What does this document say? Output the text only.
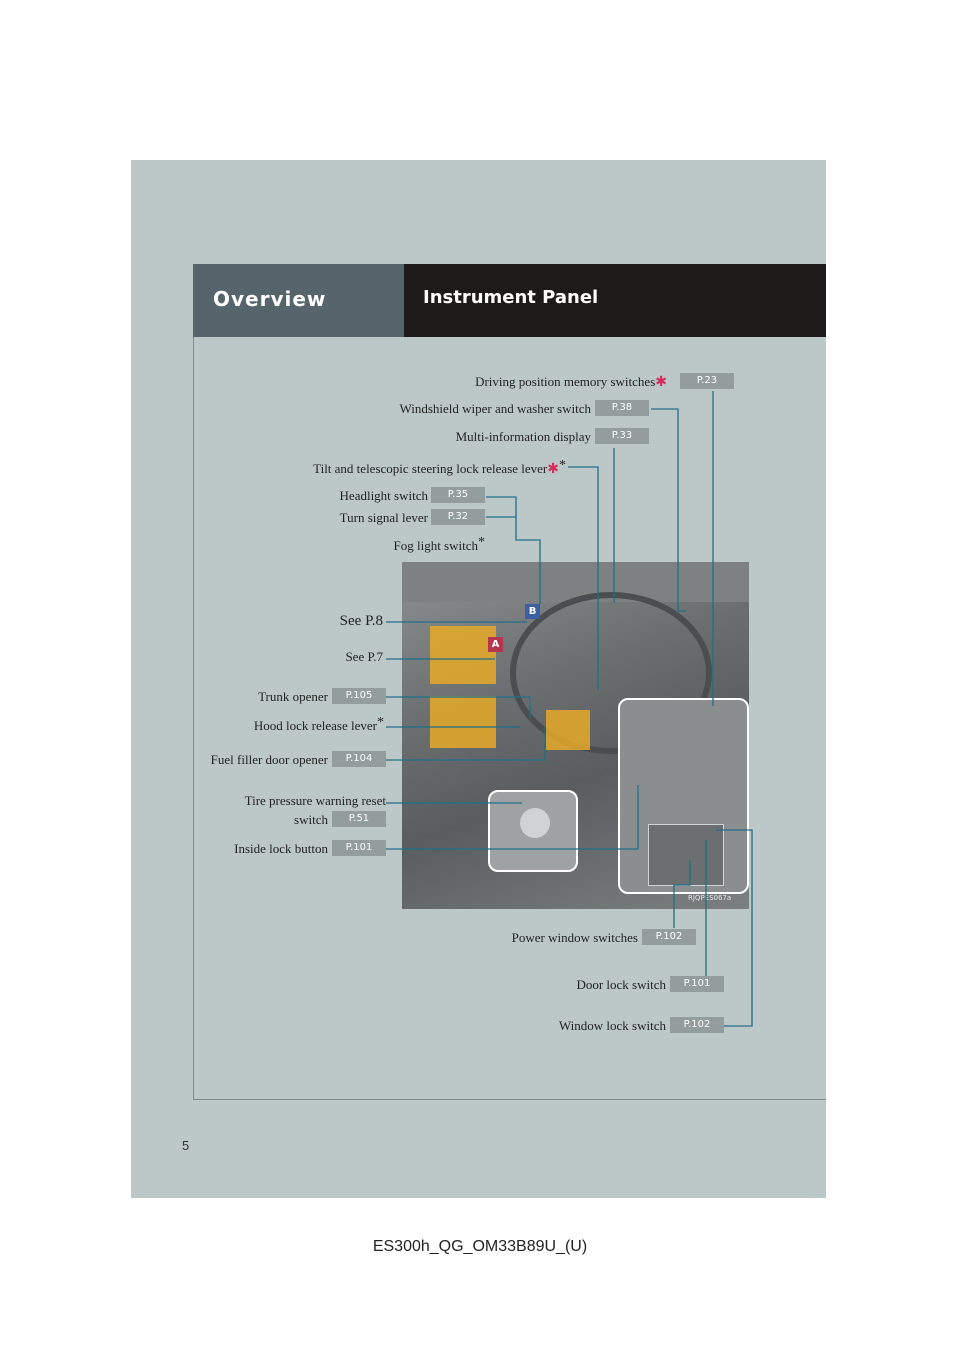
Overview	Instrument Panel
RJQPES067a
A
B
Driving position memory switches✱	P.23
Windshield wiper and washer switch	P.38
Multi-information display	P.33
Tilt and telescopic steering lock release lever✱*
Headlight switch	P.35
Turn signal lever	P.32
Fog light switch*
See P.8
See P.7
Trunk opener	P.105
Hood lock release lever*
Fuel filler door opener	P.104
Tire pressure warning reset
switch	P.51
Inside lock button	P.101
Power window switches	P.102
Door lock switch	P.101
Window lock switch	P.102
5
ES300h_QG_OM33B89U_(U)
